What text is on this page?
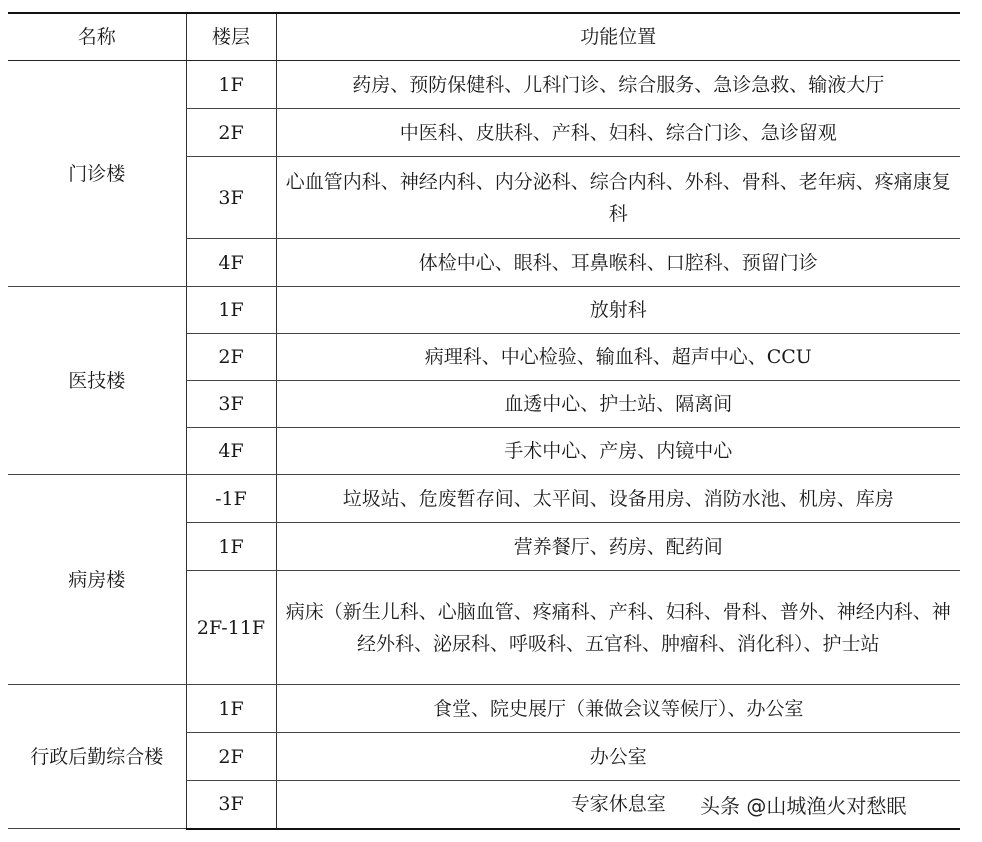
名称	楼层	功能位置
门诊楼	1F	药房、预防保健科、儿科门诊、综合服务、急诊急救、输液大厅
	2F	中医科、皮肤科、产科、妇科、综合门诊、急诊留观
	3F	心血管内科、神经内科、内分泌科、综合内科、外科、骨科、老年病、疼痛康复科
	4F	体检中心、眼科、耳鼻喉科、口腔科、预留门诊
医技楼	1F	放射科
	2F	病理科、中心检验、输血科、超声中心、CCU
	3F	血透中心、护士站、隔离间
	4F	手术中心、产房、内镜中心
病房楼	-1F	垃圾站、危废暂存间、太平间、设备用房、消防水池、机房、库房
	1F	营养餐厅、药房、配药间
	2F-11F	病床（新生儿科、心脑血管、疼痛科、产科、妇科、骨科、普外、神经内科、神经外科、泌尿科、呼吸科、五官科、肿瘤科、消化科）、护士站
行政后勤综合楼	1F	食堂、院史展厅（兼做会议等候厅）、办公室
	2F	办公室
	3F	专家休息室 头条 @山城渔火对愁眠
